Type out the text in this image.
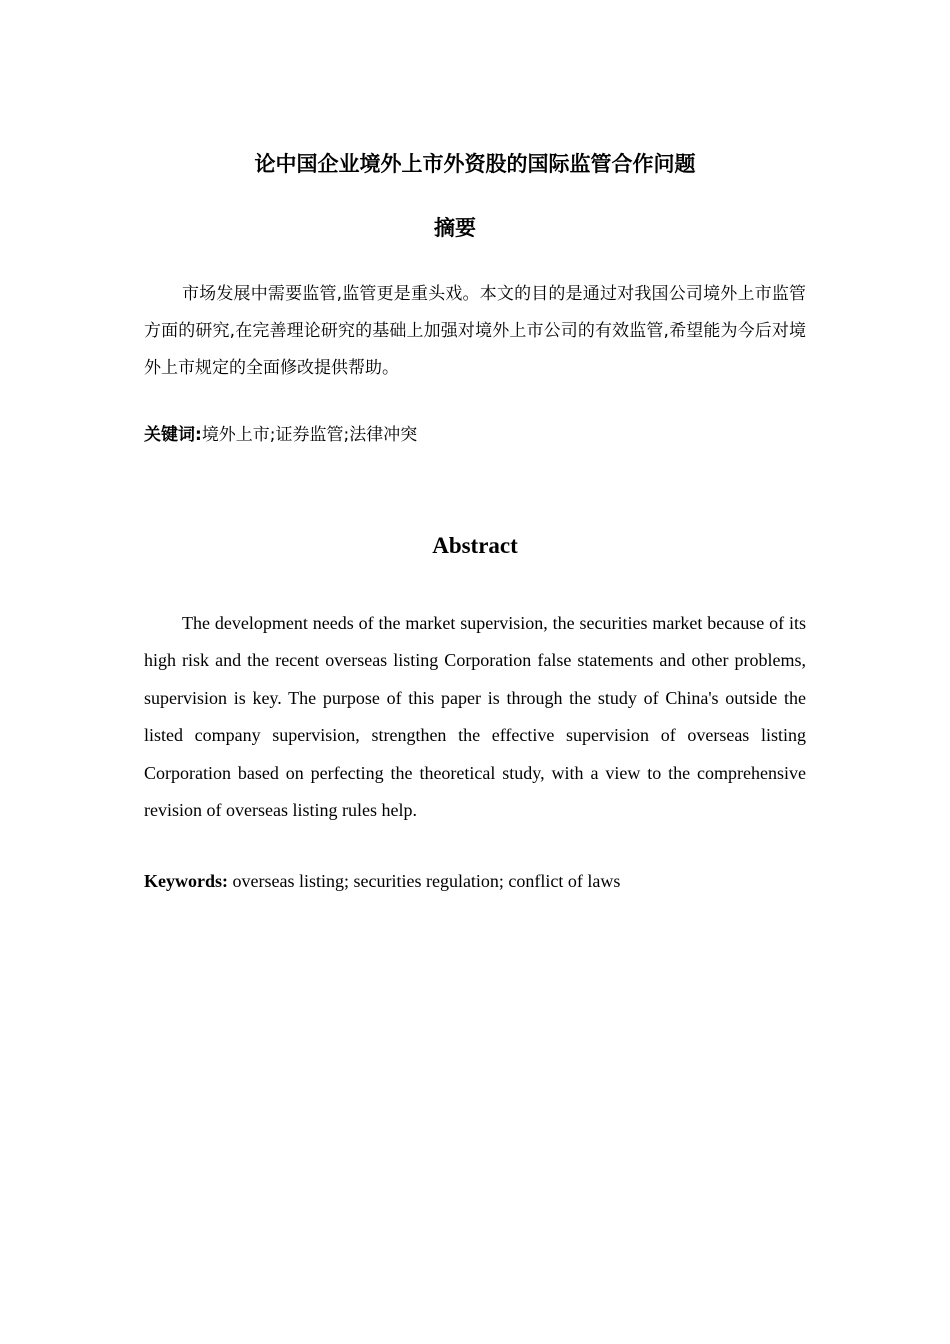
论中国企业境外上市外资股的国际监管合作问题
摘要

市场发展中需要监管,监管更是重头戏。本文的目的是通过对我国公司境外上市监管方面的研究,在完善理论研究的基础上加强对境外上市公司的有效监管,希望能为今后对境外上市规定的全面修改提供帮助。

关键词:境外上市;证券监管;法律冲突

Abstract

The development needs of the market supervision, the securities market because of its high risk and the recent overseas listing Corporation false statements and other problems, supervision is key. The purpose of this paper is through the study of China's outside the listed company supervision, strengthen the effective supervision of overseas listing Corporation based on perfecting the theoretical study, with a view to the comprehensive revision of overseas listing rules help.

Keywords: overseas listing; securities regulation; conflict of laws
